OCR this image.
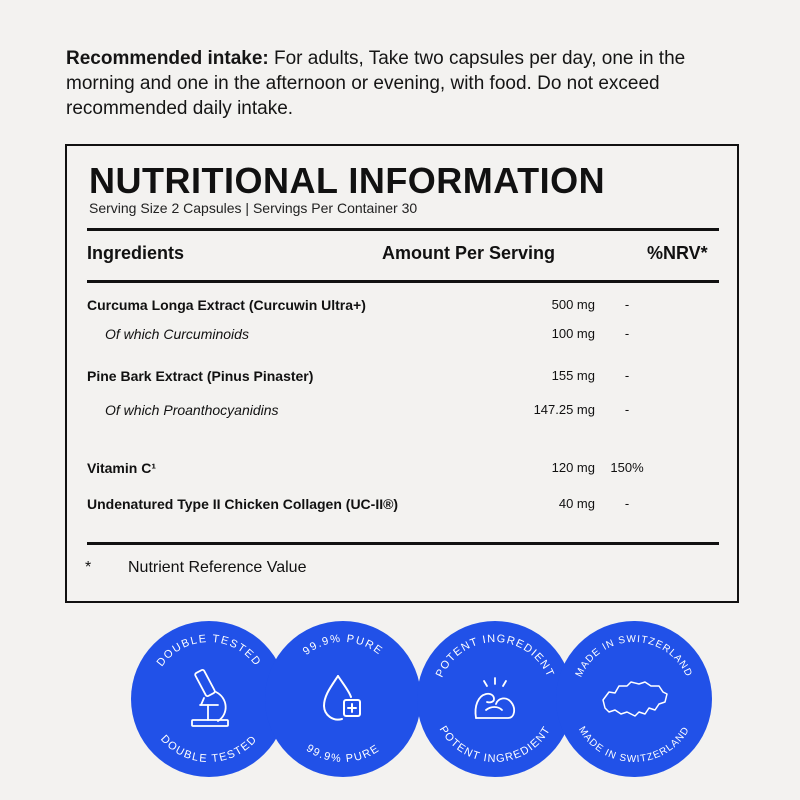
Recommended intake: For adults, Take two capsules per day, one in the morning and one in the afternoon or evening, with food. Do not exceed recommended daily intake.

NUTRITIONAL INFORMATION
Serving Size 2 Capsules | Servings Per Container 30
Ingredients	Amount Per Serving	%NRV*
Curcuma Longa Extract (Curcuwin Ultra+)	500 mg	-
Of which Curcuminoids	100 mg	-
Pine Bark Extract (Pinus Pinaster)	155 mg	-
Of which Proanthocyanidins	147.25 mg	-
Vitamin C¹	120 mg	150%
Undenatured Type II Chicken Collagen (UC-II®)	40 mg	-
* Nutrient Reference Value
DOUBLE TESTED
DOUBLE TESTED
99.9% PURE
99.9% PURE
POTENT INGREDIENT
POTENT INGREDIENT
MADE IN SWITZERLAND
MADE IN SWITZERLAND
